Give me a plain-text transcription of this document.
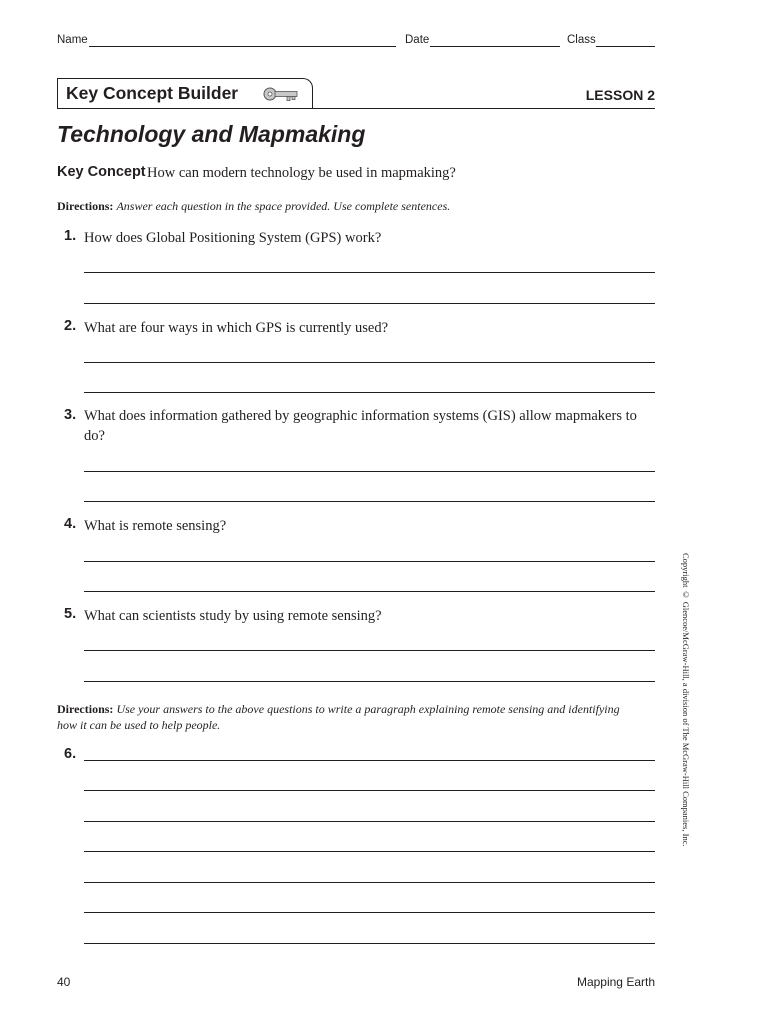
Name	Date	Class
Key Concept Builder	LESSON 2
Technology and Mapmaking
Key Concept How can modern technology be used in mapmaking?
Directions: Answer each question in the space provided. Use complete sentences.
1. How does Global Positioning System (GPS) work?
2. What are four ways in which GPS is currently used?
3. What does information gathered by geographic information systems (GIS) allow mapmakers to do?
4. What is remote sensing?
5. What can scientists study by using remote sensing?
Directions: Use your answers to the above questions to write a paragraph explaining remote sensing and identifying how it can be used to help people.
6.	Copyright © Glencoe/McGraw-Hill, a division of The McGraw-Hill Companies, Inc.
40	Mapping Earth
